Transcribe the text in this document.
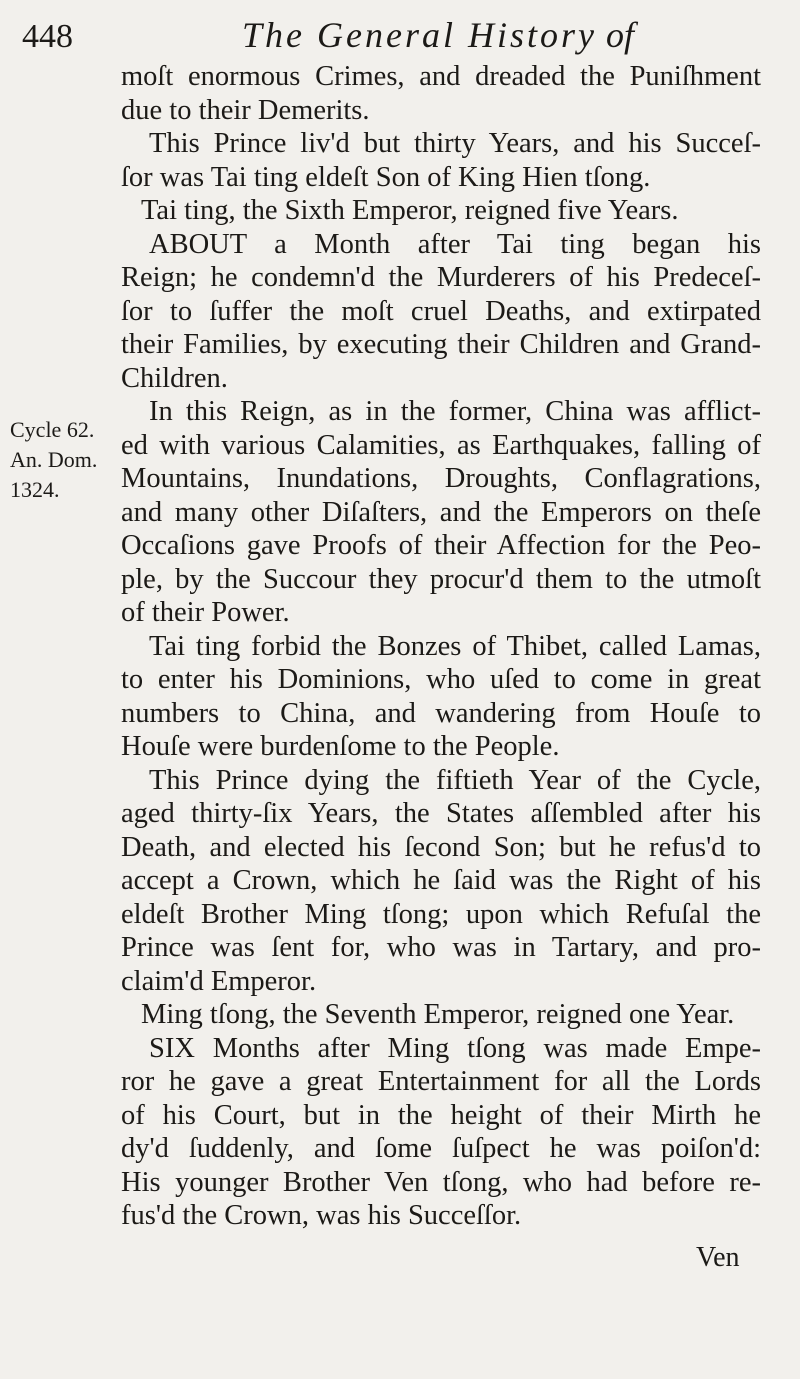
448	The General History of
Cycle 62.
An. Dom.
1324.
moſt enormous Crimes, and dreaded the Puniſhment
due to their Demerits.
This Prince liv'd but thirty Years, and his Succeſ-
ſor was Tai ting eldeſt Son of King Hien tſong.
Tai ting, the Sixth Emperor, reigned five Years.
ABOUT a Month after Tai ting began his
Reign; he condemn'd the Murderers of his Predeceſ-
ſor to ſuffer the moſt cruel Deaths, and extirpated
their Families, by executing their Children and Grand-
Children.
In this Reign, as in the former, China was afflict-
ed with various Calamities, as Earthquakes, falling of
Mountains, Inundations, Droughts, Conflagrations,
and many other Diſaſters, and the Emperors on theſe
Occaſions gave Proofs of their Affection for the Peo-
ple, by the Succour they procur'd them to the utmoſt
of their Power.
Tai ting forbid the Bonzes of Thibet, called Lamas,
to enter his Dominions, who uſed to come in great
numbers to China, and wandering from Houſe to
Houſe were burdenſome to the People.
This Prince dying the fiftieth Year of the Cycle,
aged thirty-ſix Years, the States aſſembled after his
Death, and elected his ſecond Son; but he refus'd to
accept a Crown, which he ſaid was the Right of his
eldeſt Brother Ming tſong; upon which Refuſal the
Prince was ſent for, who was in Tartary, and pro-
claim'd Emperor.
Ming tſong, the Seventh Emperor, reigned one Year.
SIX Months after Ming tſong was made Empe-
ror he gave a great Entertainment for all the Lords
of his Court, but in the height of their Mirth he
dy'd ſuddenly, and ſome ſuſpect he was poiſon'd:
His younger Brother Ven tſong, who had before re-
fus'd the Crown, was his Succeſſor.
Ven
